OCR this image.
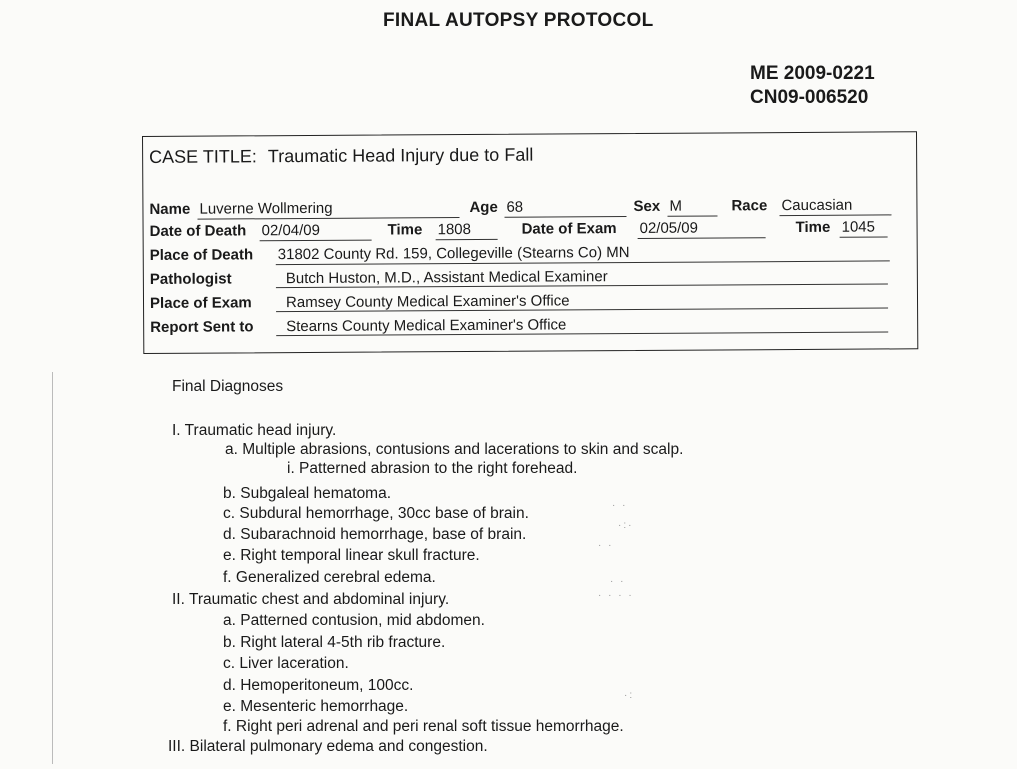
FINAL AUTOPSY PROTOCOL
ME 2009-0221
CN09-006520
CASE TITLE: Traumatic Head Injury due to Fall
Name Luverne Wollmering	Age 68	Sex M	Race Caucasian
Date of Death 02/04/09	Time 1808	Date of Exam 02/05/09	Time 1045
Place of Death 31802 County Rd. 159, Collegeville (Stearns Co) MN
Pathologist	Butch Huston, M.D., Assistant Medical Examiner
Place of Exam	Ramsey County Medical Examiner's Office
Report Sent to	Stearns County Medical Examiner's Office
Final Diagnoses
I. Traumatic head injury.
a. Multiple abrasions, contusions and lacerations to skin and scalp.
i. Patterned abrasion to the right forehead.
b. Subgaleal hematoma.
c. Subdural hemorrhage, 30cc base of brain.
d. Subarachnoid hemorrhage, base of brain.
e. Right temporal linear skull fracture.
f. Generalized cerebral edema.
II. Traumatic chest and abdominal injury.
a. Patterned contusion, mid abdomen.
b. Right lateral 4-5th rib fracture.
c. Liver laceration.
d. Hemoperitoneum, 100cc.
e. Mesenteric hemorrhage.
f. Right peri adrenal and peri renal soft tissue hemorrhage.
III. Bilateral pulmonary edema and congestion.
· ·
·:·
· ·
· ·
· · · ·
·:
